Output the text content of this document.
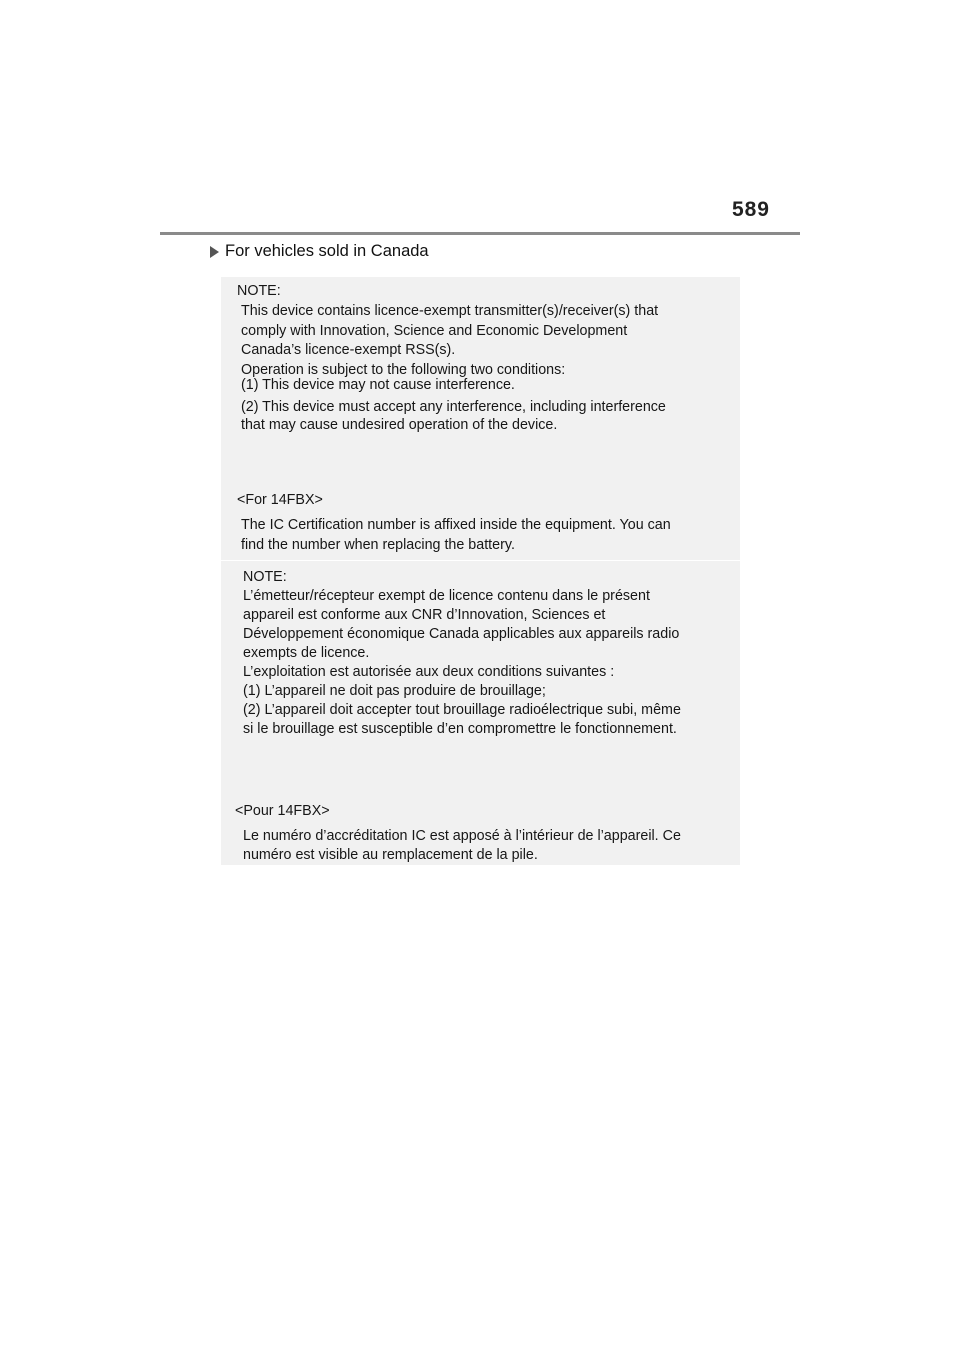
589
For vehicles sold in Canada
NOTE:
This device contains licence-exempt transmitter(s)/receiver(s) that
comply with Innovation, Science and Economic Development
Canada’s licence-exempt RSS(s).
Operation is subject to the following two conditions:
(1) This device may not cause interference.
(2) This device must accept any interference, including interference
that may cause undesired operation of the device.
<For 14FBX>
The IC Certification number is affixed inside the equipment. You can
find the number when replacing the battery.
NOTE:
L’émetteur/récepteur exempt de licence contenu dans le présent
appareil est conforme aux CNR d’Innovation, Sciences et
Développement économique Canada applicables aux appareils radio
exempts de licence.
L’exploitation est autorisée aux deux conditions suivantes :
(1) L’appareil ne doit pas produire de brouillage;
(2) L’appareil doit accepter tout brouillage radioélectrique subi, même
si le brouillage est susceptible d’en compromettre le fonctionnement.
<Pour 14FBX>
Le numéro d’accréditation IC est apposé à l’intérieur de l’appareil. Ce
numéro est visible au remplacement de la pile.
